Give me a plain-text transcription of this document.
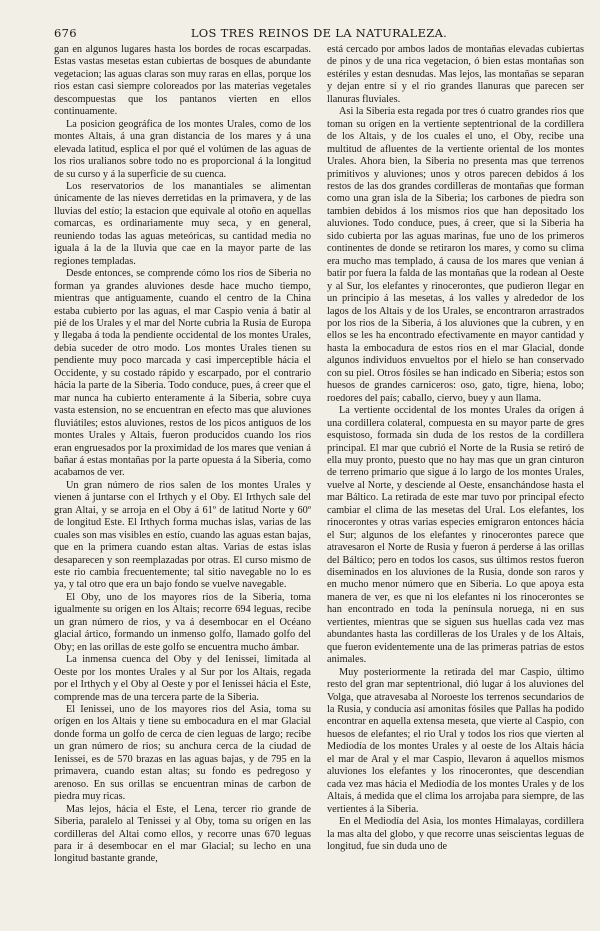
676	LOS TRES REINOS DE LA NATURALEZA.

gan en algunos lugares hasta los bordes de rocas escarpadas. Estas vastas mesetas estan cubiertas de bosques de abundante vegetacion; las aguas claras son muy raras en ellas, porque los rios estan casi siempre coloreados por las materias vegetales descompuestas que los pantanos vierten en ellos continuamente.

La posicion geográfica de los montes Urales, como de los montes Altais, á una gran distancia de los mares y á una elevada latitud, esplica el por qué el volúmen de las aguas de los rios uralianos sobre todo no es proporcional á la longitud de su curso y á la superficie de su cuenca.

Los reservatorios de los manantiales se alimentan únicamente de las nieves derretidas en la primavera, y de las lluvias del estío; la estacion que equivale al otoño en aquellas comarcas, es ordinariamente muy seca, y en general, reuniendo todas las aguas meteóricas, su cantidad media no iguala á la de la lluvia que cae en la mayor parte de las regiones templadas.

Desde entonces, se comprende cómo los rios de Siberia no forman ya grandes aluviones desde hace mucho tiempo, mientras que antiguamente, cuando el centro de la China estaba cubierto por las aguas, el mar Caspio venia á batir al pié de los Urales y el mar del Norte cubria la Rusia de Europa y llegaba á toda la pendiente occidental de los montes Urales, debia suceder de otro modo. Los montes Urales tienen su pendiente muy poco marcada y casi imperceptible hácia el Occidente, y su costado rápido y escarpado, por el contrario hácia la parte de la Siberia. Todo conduce, pues, á creer que el mar nunca ha cubierto enteramente á la Siberia, sobre cuya vasta estension, no se encuentran en efecto mas que aluviones fluviátiles; estos aluviones, restos de los picos antiguos de los montes Urales y Altais, fueron producidos cuando los rios eran engruesados por la proximidad de los mares que venian á bañar á estas montañas por la parte opuesta á la Siberia, como acabamos de ver.

Un gran número de rios salen de los montes Urales y vienen á juntarse con el Irthych y el Oby. El Irthych sale del gran Altai, y se arroja en el Oby á 61º de latitud Norte y 60º de longitud Este. El Irthych forma muchas islas, varias de las cuales son mas visibles en estío, cuando las aguas estan bajas, que en la primera cuando estan altas. Varias de estas islas desaparecen y son reemplazadas por otras. El curso mismo de este rio cambia frecuentemente; tal sitio navegable no lo es ya, y tal otro que era un bajo fondo se vuelve navegable.

El Oby, uno de los mayores rios de la Siberia, toma igualmente su orígen en los Altais; recorre 694 leguas, recibe un gran número de rios, y va á desembocar en el Océano glacial ártico, formando un inmenso golfo, llamado golfo del Oby; en las orillas de este golfo se encuentra mucho ámbar.

La inmensa cuenca del Oby y del Ienissei, limitada al Oeste por los montes Urales y al Sur por los Altais, regada por el Irthych y el Oby al Oeste y por el Ienissei hácia el Este, comprende mas de una tercera parte de la Siberia.

El Ienissei, uno de los mayores rios del Asia, toma su orígen en los Altais y tiene su embocadura en el mar Glacial donde forma un golfo de cerca de cien leguas de largo; recibe un gran número de rios; su anchura cerca de la ciudad de Ienissei, es de 570 brazas en las aguas bajas, y de 795 en la primavera, cuando estan altas; su fondo es pedregoso y arenoso. En sus orillas se encuentran minas de carbon de piedra muy ricas.

Mas lejos, hácia el Este, el Lena, tercer rio grande de Siberia, paralelo al Tenissei y al Oby, toma su orígen en las cordilleras del Altai como ellos, y recorre unas 670 leguas para ir á desembocar en el mar Glacial; su lecho en una longitud bastante grande,

está cercado por ambos lados de montañas elevadas cubiertas de pinos y de una rica vegetacion, ó bien estas montañas son estériles y estan desnudas. Mas lejos, las montañas se separan y dejan entre sí y el rio grandes llanuras que parecen ser llanuras fluviales.

Asi la Siberia esta regada por tres ó cuatro grandes rios que toman su orígen en la vertiente septentrional de la cordillera de los Altais, y de los cuales el uno, el Oby, recibe una multitud de afluentes de la vertiente oriental de los montes Urales. Ahora bien, la Siberia no presenta mas que terrenos primitivos y aluviones; unos y otros parecen debidos á los restos de las dos grandes cordilleras de montañas que forman como una gran isla de la Siberia; los carbones de piedra son tambien debidos á los mismos rios que han depositado los aluviones. Todo conduce, pues, á creer, que si la Siberia ha sido cubierta por las aguas marinas, fue uno de los primeros continentes de donde se retiraron los mares, y como su clima era mucho mas templado, á causa de los mares que venian á batir por fuera la falda de las montañas que la rodean al Oeste y al Sur, los elefantes y rinocerontes, que pudieron llegar en un principio á las mesetas, á los valles y alrededor de los lagos de los Altais y de los Urales, se encontraron arrastrados por los rios de la Siberia, á los aluviones que la cubren, y en ellos se les ha encontrado efectivamente en mayor cantidad y hasta la embocadura de estos rios en el mar Glacial, donde algunos individuos envueltos por el hielo se han conservado con su piel. Otros fósiles se han indicado en Siberia; estos son huesos de grandes carniceros: oso, gato, tigre, hiena, lobo; roedores del país; caballo, ciervo, buey y aun llama.

La vertiente occidental de los montes Urales da orígen á una cordillera colateral, compuesta en su mayor parte de gres esquistoso, formada sin duda de los restos de la cordillera principal. El mar que cubrió el Norte de la Rusia se retiró de ella muy pronto, puesto que no hay mas que un gran cinturon de terreno primario que sigue á lo largo de los montes Urales, vuelve al Norte, y desciende al Oeste, ensanchándose hasta el mar Báltico. La retirada de este mar tuvo por principal efecto cambiar el clima de las mesetas del Ural. Los elefantes, los rinocerontes y otras varias especies emigraron entonces hácia el Sur; algunos de los elefantes y rinocerontes parece que atravesaron el Norte de Rusia y fueron á perderse á las orillas del Báltico; pero en todos los casos, sus últimos restos fueron diseminados en los aluviones de la Rusia, donde son raros y en mucho menor número que en Siberia. Lo que apoya esta manera de ver, es que ni los elefantes ni los rinocerontes se han encontrado en toda la península noruega, ni en sus vertientes, mientras que se siguen sus huellas cada vez mas abundantes hasta las cordilleras de los Urales y de los Altais, que fueron evidentemente una de las primeras patrias de estos animales.

Muy posteriormente la retirada del mar Caspio, último resto del gran mar septentrional, dió lugar á los aluviones del Volga, que atravesaba al Noroeste los terrenos secundarios de la Rusia, y conducia así amonitas fósiles que Pallas ha podido encontrar en aquella extensa meseta, que vierte al Caspio, con huesos de elefantes; el rio Ural y todos los rios que vierten al Mediodía de los montes Urales y al oeste de los Altais hácia el mar de Aral y el mar Caspio, llevaron á aquellos mismos aluviones los elefantes y los rinocerontes, que descendian cada vez mas hácia el Mediodía de los montes Urales y de los Altais, á medida que el clima los arrojaba para siempre, de las vertientes á la Siberia.

En el Mediodía del Asia, los montes Himalayas, cordillera la mas alta del globo, y que recorre unas seiscientas leguas de longitud, fue sin duda uno de
